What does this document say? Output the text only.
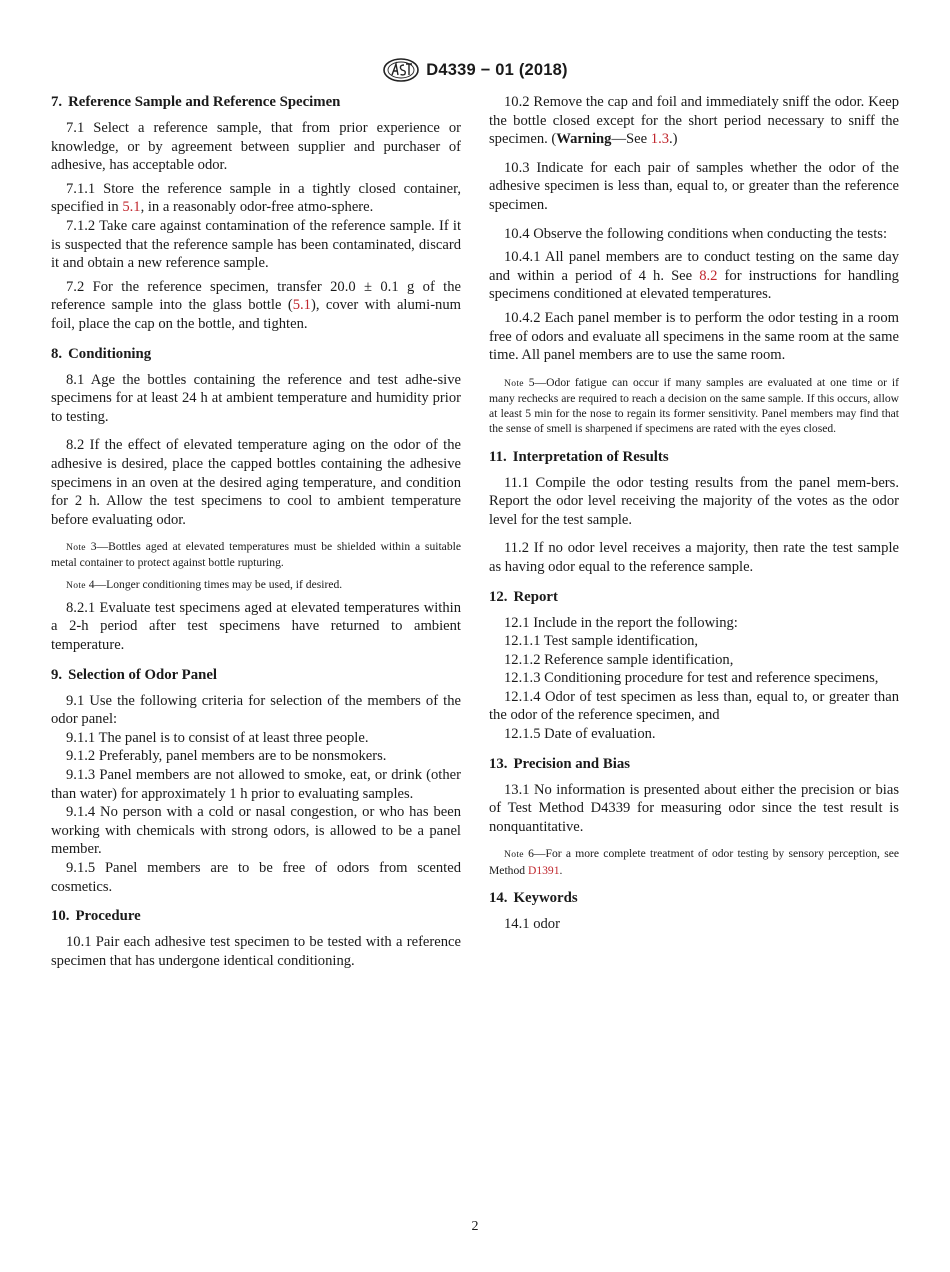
D4339 − 01 (2018)
7. Reference Sample and Reference Specimen

7.1 Select a reference sample, that from prior experience or knowledge, or by agreement between supplier and purchaser of adhesive, has acceptable odor.

7.1.1 Store the reference sample in a tightly closed container, specified in 5.1, in a reasonably odor-free atmo-sphere.

7.1.2 Take care against contamination of the reference sample. If it is suspected that the reference sample has been contaminated, discard it and obtain a new reference sample.

7.2 For the reference specimen, transfer 20.0 ± 0.1 g of the reference sample into the glass bottle (5.1), cover with alumi-num foil, place the cap on the bottle, and tighten.

8. Conditioning

8.1 Age the bottles containing the reference and test adhe-sive specimens for at least 24 h at ambient temperature and humidity prior to testing.

8.2 If the effect of elevated temperature aging on the odor of the adhesive is desired, place the capped bottles containing the adhesive specimens in an oven at the desired aging temperature, and condition for 2 h. Allow the test specimens to cool to ambient temperature before evaluating odor.

Note 3—Bottles aged at elevated temperatures must be shielded within a suitable metal container to protect against bottle rupturing.
Note 4—Longer conditioning times may be used, if desired.

8.2.1 Evaluate test specimens aged at elevated temperatures within a 2-h period after test specimens have returned to ambient temperature.

9. Selection of Odor Panel

9.1 Use the following criteria for selection of the members of the odor panel:

9.1.1 The panel is to consist of at least three people.

9.1.2 Preferably, panel members are to be nonsmokers.

9.1.3 Panel members are not allowed to smoke, eat, or drink (other than water) for approximately 1 h prior to evaluating samples.

9.1.4 No person with a cold or nasal congestion, or who has been working with chemicals with strong odors, is allowed to be a panel member.

9.1.5 Panel members are to be free of odors from scented cosmetics.

10. Procedure

10.1 Pair each adhesive test specimen to be tested with a reference specimen that has undergone identical conditioning.

10.2 Remove the cap and foil and immediately sniff the odor. Keep the bottle closed except for the short period necessary to sniff the specimen. (Warning—See 1.3.)

10.3 Indicate for each pair of samples whether the odor of the adhesive specimen is less than, equal to, or greater than the reference specimen.

10.4 Observe the following conditions when conducting the tests:

10.4.1 All panel members are to conduct testing on the same day and within a period of 4 h. See 8.2 for instructions for handling specimens conditioned at elevated temperatures.

10.4.2 Each panel member is to perform the odor testing in a room free of odors and evaluate all specimens in the same room at the same time. All panel members are to use the same room.

Note 5—Odor fatigue can occur if many samples are evaluated at one time or if many rechecks are required to reach a decision on the same sample. If this occurs, allow at least 5 min for the nose to regain its former sensitivity. Panel members may find that the sense of smell is sharpened if specimens are rated with the eyes closed.
11. Interpretation of Results

11.1 Compile the odor testing results from the panel mem-bers. Report the odor level receiving the majority of the votes as the odor level for the test sample.

11.2 If no odor level receives a majority, then rate the test sample as having odor equal to the reference sample.

12. Report

12.1 Include in the report the following:

12.1.1 Test sample identification,

12.1.2 Reference sample identification,

12.1.3 Conditioning procedure for test and reference specimens,

12.1.4 Odor of test specimen as less than, equal to, or greater than the odor of the reference specimen, and

12.1.5 Date of evaluation.

13. Precision and Bias

13.1 No information is presented about either the precision or bias of Test Method D4339 for measuring odor since the test result is nonquantitative.

Note 6—For a more complete treatment of odor testing by sensory perception, see Method D1391.
14. Keywords

14.1 odor

2
